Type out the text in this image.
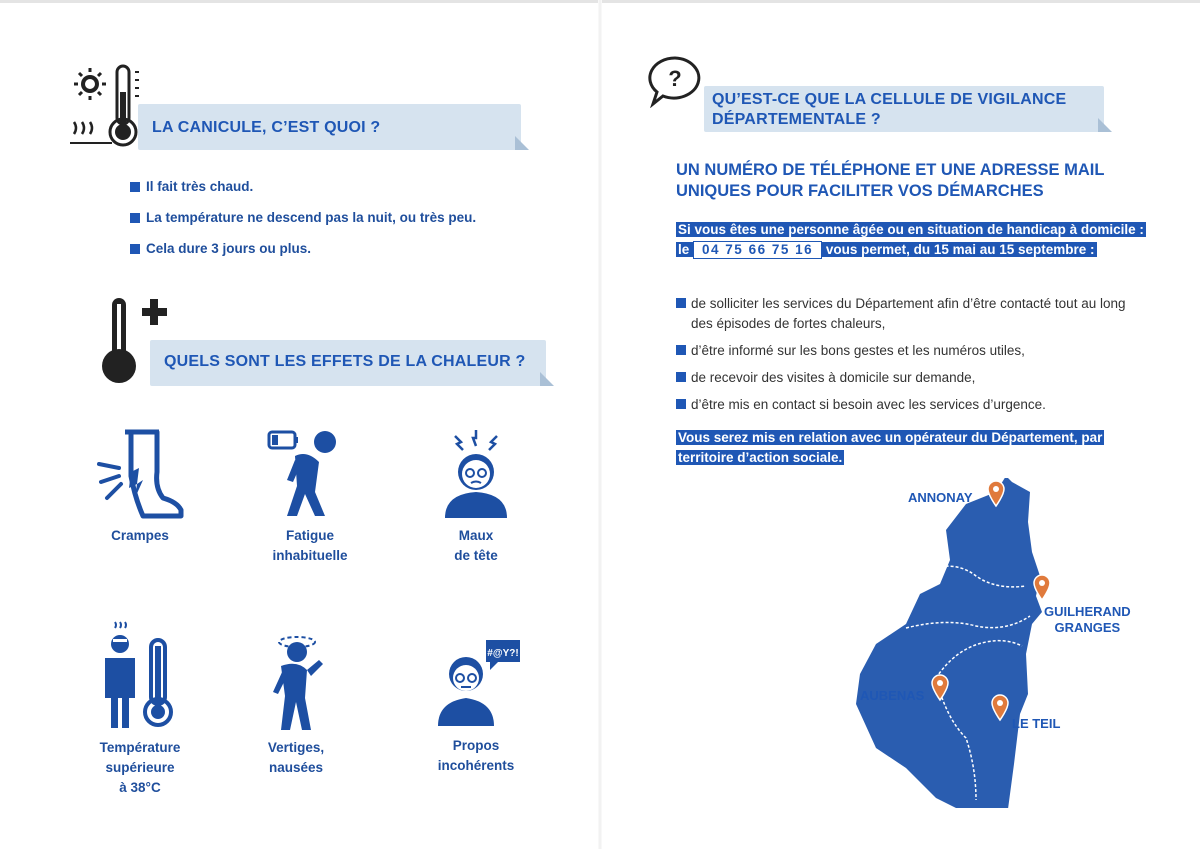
LA CANICULE, C’EST QUOI ?
Il fait très chaud.
La température ne descend pas la nuit, ou très peu.
Cela dure 3 jours ou plus.
QUELS SONT LES EFFETS DE LA CHALEUR ?
Crampes	Fatigue
inhabituelle
Maux
de tête
Température
supérieure
à 38°C
Vertiges,
nausées
#@Y?!
Propos
incohérents
?
QU’EST-CE QUE LA CELLULE DE VIGILANCE
DÉPARTEMENTALE ?
UN NUMÉRO DE TÉLÉPHONE ET UNE ADRESSE MAIL
UNIQUES POUR FACILITER VOS DÉMARCHES
Si vous êtes une personne âgée ou en situation de handicap à domicile : le 04 75 66 75 16 vous permet, du 15 mai au 15 septembre :
de solliciter les services du Département afin d’être contacté tout au long des épisodes de fortes chaleurs,
d’être informé sur les bons gestes et les numéros utiles,
de recevoir des visites à domicile sur demande,
d’être mis en contact si besoin avec les services d’urgence.
Vous serez mis en relation avec un opérateur du Département, par territoire d’action sociale.
ANNONAY
GUILHERAND
GRANGES
AUBENAS
LE TEIL
